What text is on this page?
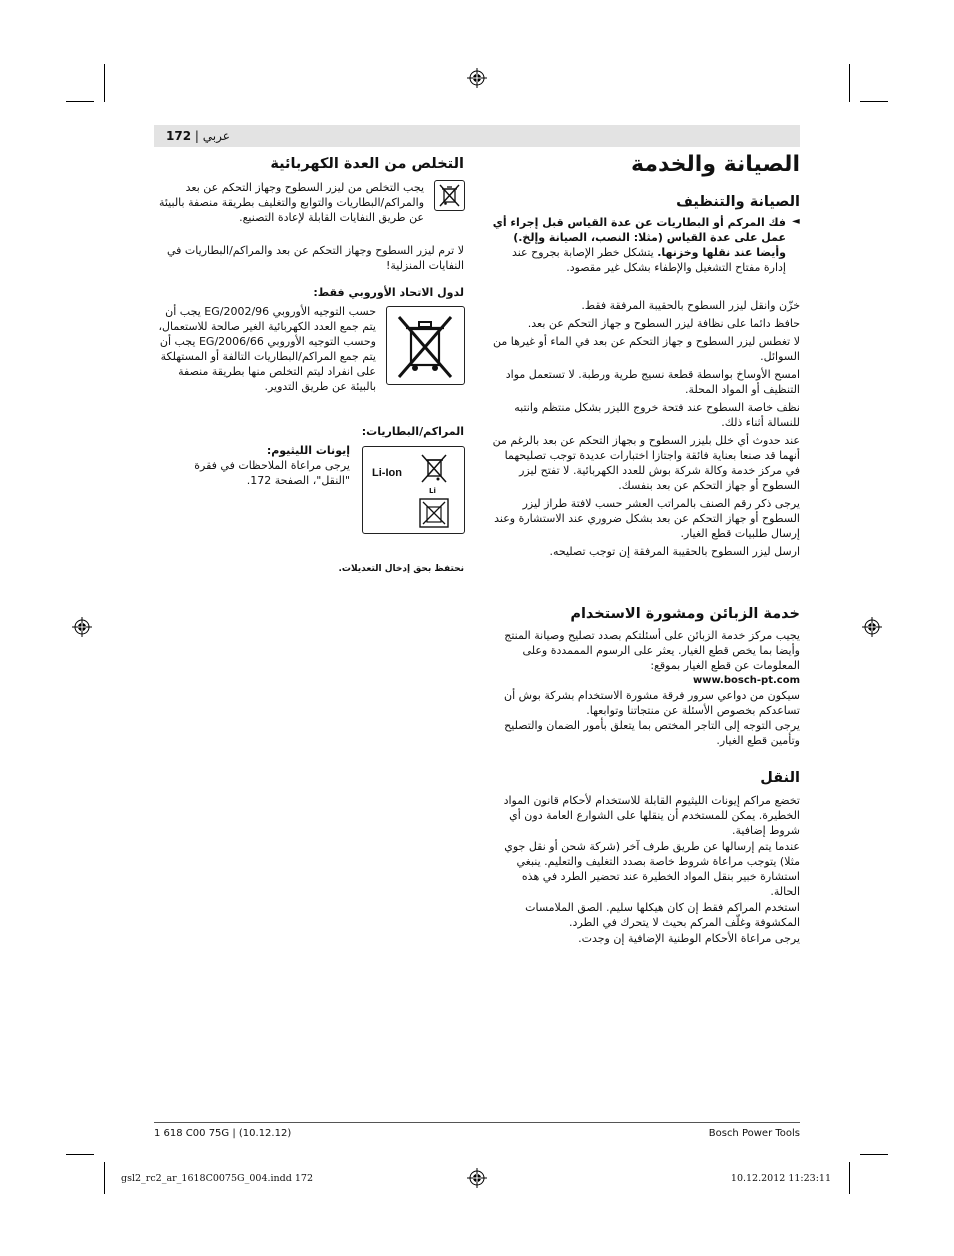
172 | عربي
الصيانة والخدمة
الصيانة والتنظيف
◄

فك المركم أو البطاريات عن عدة القياس قبل إجراء أي عمل على عدة القياس (مثلا: النصب، الصيانة وإلخ.) وأيضا عند نقلها وخزنها. يتشكل خطر الإصابة بجروح عند إدارة مفتاح التشغيل والإطفاء بشكل غير مقصود.

خزّن وانقل ليزر السطوح بالحقيبة المرفقة فقط.

حافظ دائما على نظافة ليزر السطوح و جهاز التحكم عن بعد.

لا تغطس ليزر السطوح و جهاز التحكم عن بعد في الماء أو غيرها من السوائل.

امسح الأوساخ بواسطة قطعة نسيج طرية ورطبة. لا تستعمل مواد التنظيف أو المواد المحلة.

نظف خاصة السطوح عند فتحة خروج الليزر بشكل منتظم وانتبه للنسالة أثناء ذلك.

عند حدوث أي خلل بليزر السطوح و بجهاز التحكم عن بعد بالرغم من أنهما قد صنعا بعناية فائقة واجتازا اختبارات عديدة توجب تصليحهما في مركز خدمة وكالة شركة بوش للعدد الكهربائية. لا تفتح ليزر السطوح أو جهاز التحكم عن بعد بنفسك.

يرجى ذكر رقم الصنف بالمراتب العشر حسب لافتة طراز ليزر السطوح أو جهاز التحكم عن بعد بشكل ضروري عند الاستشارة وعند إرسال طلبيات قطع الغيار.

ارسل ليزر السطوح بالحقيبة المرفقة إن توجب تصليحه.

خدمة الزبائن ومشورة الاستخدام

يجيب مركز خدمة الزبائن على أسئلتكم بصدد تصليح وصيانة المنتج وأيضا بما يخص قطع الغيار. يعثر على الرسوم المممددة وعلى المعلومات عن قطع الغيار بموقع:

www.bosch-pt.com

سيكون من دواعي سرور فرقة مشورة الاستخدام بشركة بوش أن تساعدكم بخصوص الأسئلة عن منتجاتنا وتوابعها.

يرجى التوجه إلى التاجر المختص بما يتعلق بأمور الضمان والتصليح وتأمين قطع الغيار.

النقل

تخضع مراكم إيونات الليثيوم القابلة للاستخدام لأحكام قانون المواد الخطيرة. يمكن للمستخدم أن ينقلها على الشوارع العامة دون أي شروط إضافية.

عندما يتم إرسالها عن طريق طرف آخر (شركة شحن أو نقل جوي مثلا) يتوجب مراعاة شروط خاصة بصدد التغليف والتعليم. ينبغي استشارة خبير بنقل المواد الخطيرة عند تحضير الطرد في هذه الحالة.

استخدم المراكم فقط إن كان هيكلها سليم. الصق الملامسات المكشوفة وغلّف المركم بحيث لا يتحرك في الطرد.

يرجى مراعاة الأحكام الوطنية الإضافية إن وجدت.

التخلص من العدة الكهربائية

يجب التخلص من ليزر السطوح وجهاز التحكم عن بعد والمراكم/البطاريات والتوابع والتغليف بطريقة منصفة بالبيئة عن طريق النفايات القابلة لإعادة التصنيع.

لا ترم ليزر السطوح وجهاز التحكم عن بعد والمراكم/البطاريات في النفايات المنزلية!

لدول الاتحاد الأوروبي فقط:

حسب التوجيه الأوروبي 2002/96/EG يجب أن يتم جمع العدد الكهربائية الغير صالحة للاستعمال، وحسب التوجيه الأوروبي 2006/66/EG يجب أن يتم جمع المراكم/البطاريات التالفة أو المستهلكة على انفراد ليتم التخلص منها بطريقة منصفة بالبيئة عن طريق التدوير.

المراكم/البطاريات:
Li-Ion
Li
إيونات الليثيوم:

يرجى مراعاة الملاحظات في فقرة "النقل"، الصفحة 172.

نحتفظ بحق إدخال التعديلات.

1 618 C00 75G | (10.12.12)	Bosch Power Tools
gsl2_rc2_ar_1618C0075G_004.indd 172	10.12.2012 11:23:11
